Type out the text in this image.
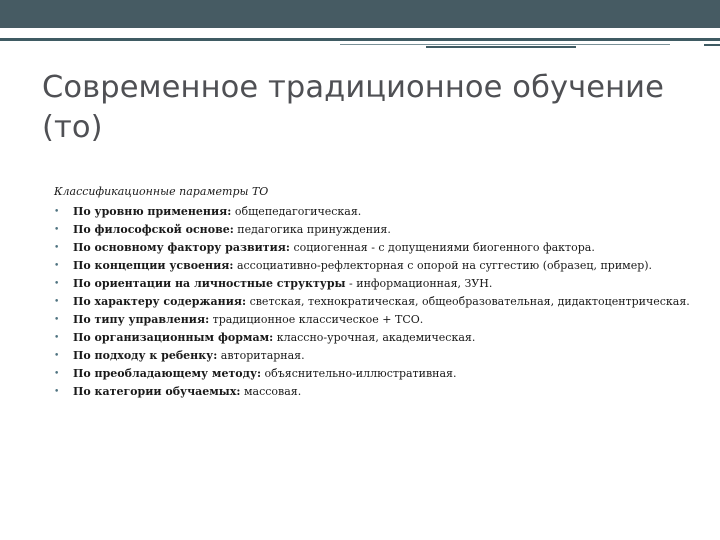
Современное традиционное обучение (то)
Классификационные параметры ТО
•	По уровню применения: общепедагогическая.
•	По философской основе: педагогика принуждения.
•	По основному фактору развития: социогенная - с допущениями биогенного фактора.
•	По концепции усвоения: ассоциативно-рефлекторная с опорой на суггестию (образец, пример).
•	По ориентации на личностные структуры - информационная, ЗУН.
•	По характеру содержания: светская, технократическая, общеобразовательная, дидактоцентрическая.
•	По типу управления: традиционное классическое + ТСО.
•	По организационным формам: классно-урочная, академическая.
•	По подходу к ребенку: авторитарная.
•	По преобладающему методу: объяснительно-иллюстративная.
•	По категории обучаемых: массовая.
